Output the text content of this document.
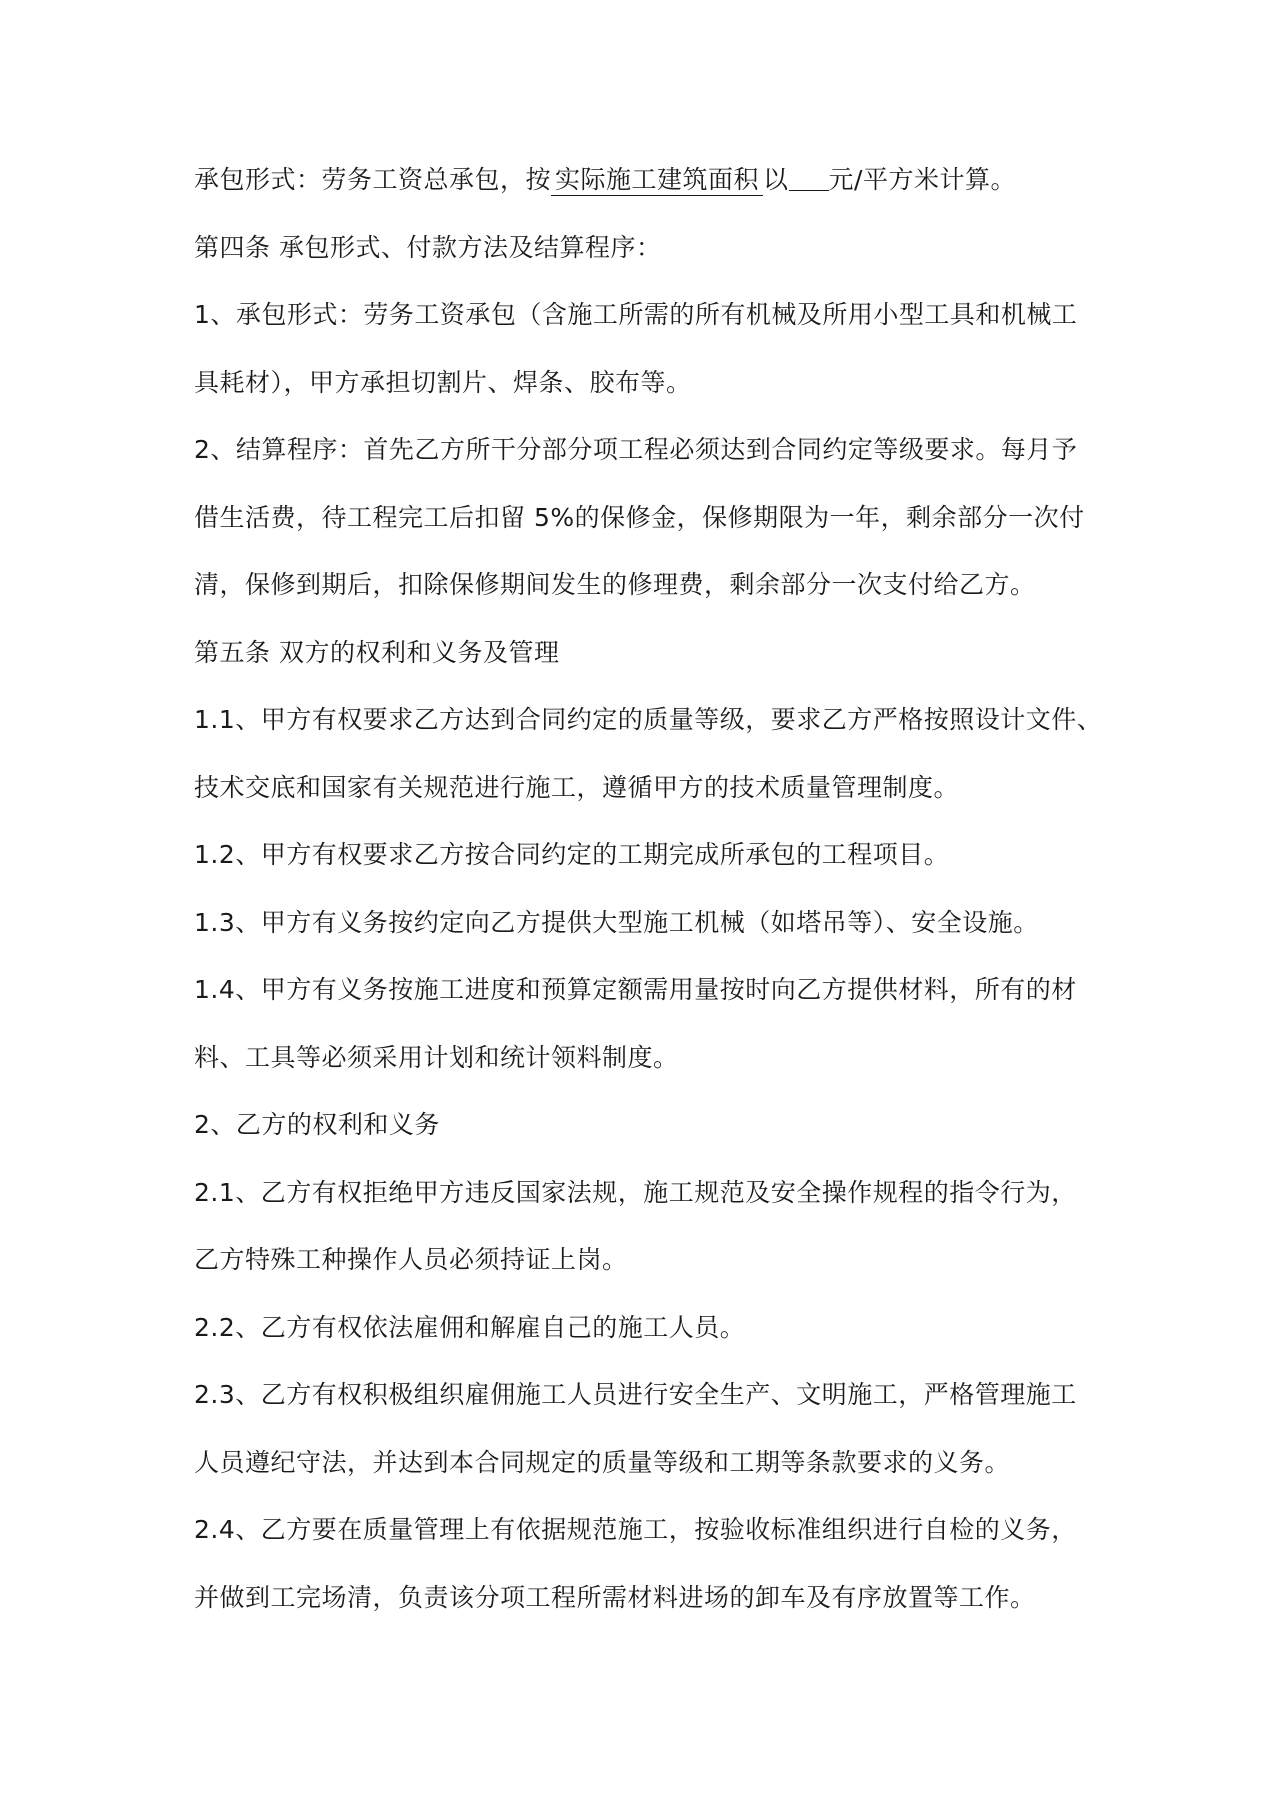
承包形式：劳务工资总承包，按 实际施工建筑面积 以 元/平方米计算。
第四条 承包形式、付款方法及结算程序：
1、承包形式：劳务工资承包（含施工所需的所有机械及所用小型工具和机械工
具耗材），甲方承担切割片、焊条、胶布等。
2、结算程序：首先乙方所干分部分项工程必须达到合同约定等级要求。每月予
借生活费，待工程完工后扣留 5%的保修金，保修期限为一年，剩余部分一次付
清，保修到期后，扣除保修期间发生的修理费，剩余部分一次支付给乙方。
第五条 双方的权利和义务及管理
1.1、甲方有权要求乙方达到合同约定的质量等级，要求乙方严格按照设计文件、
技术交底和国家有关规范进行施工，遵循甲方的技术质量管理制度。
1.2、甲方有权要求乙方按合同约定的工期完成所承包的工程项目。
1.3、甲方有义务按约定向乙方提供大型施工机械（如塔吊等）、安全设施。
1.4、甲方有义务按施工进度和预算定额需用量按时向乙方提供材料，所有的材
料、工具等必须采用计划和统计领料制度。
2、乙方的权利和义务
2.1、乙方有权拒绝甲方违反国家法规，施工规范及安全操作规程的指令行为，
乙方特殊工种操作人员必须持证上岗。
2.2、乙方有权依法雇佣和解雇自己的施工人员。
2.3、乙方有权积极组织雇佣施工人员进行安全生产、文明施工，严格管理施工
人员遵纪守法，并达到本合同规定的质量等级和工期等条款要求的义务。
2.4、乙方要在质量管理上有依据规范施工，按验收标准组织进行自检的义务，
并做到工完场清，负责该分项工程所需材料进场的卸车及有序放置等工作。
